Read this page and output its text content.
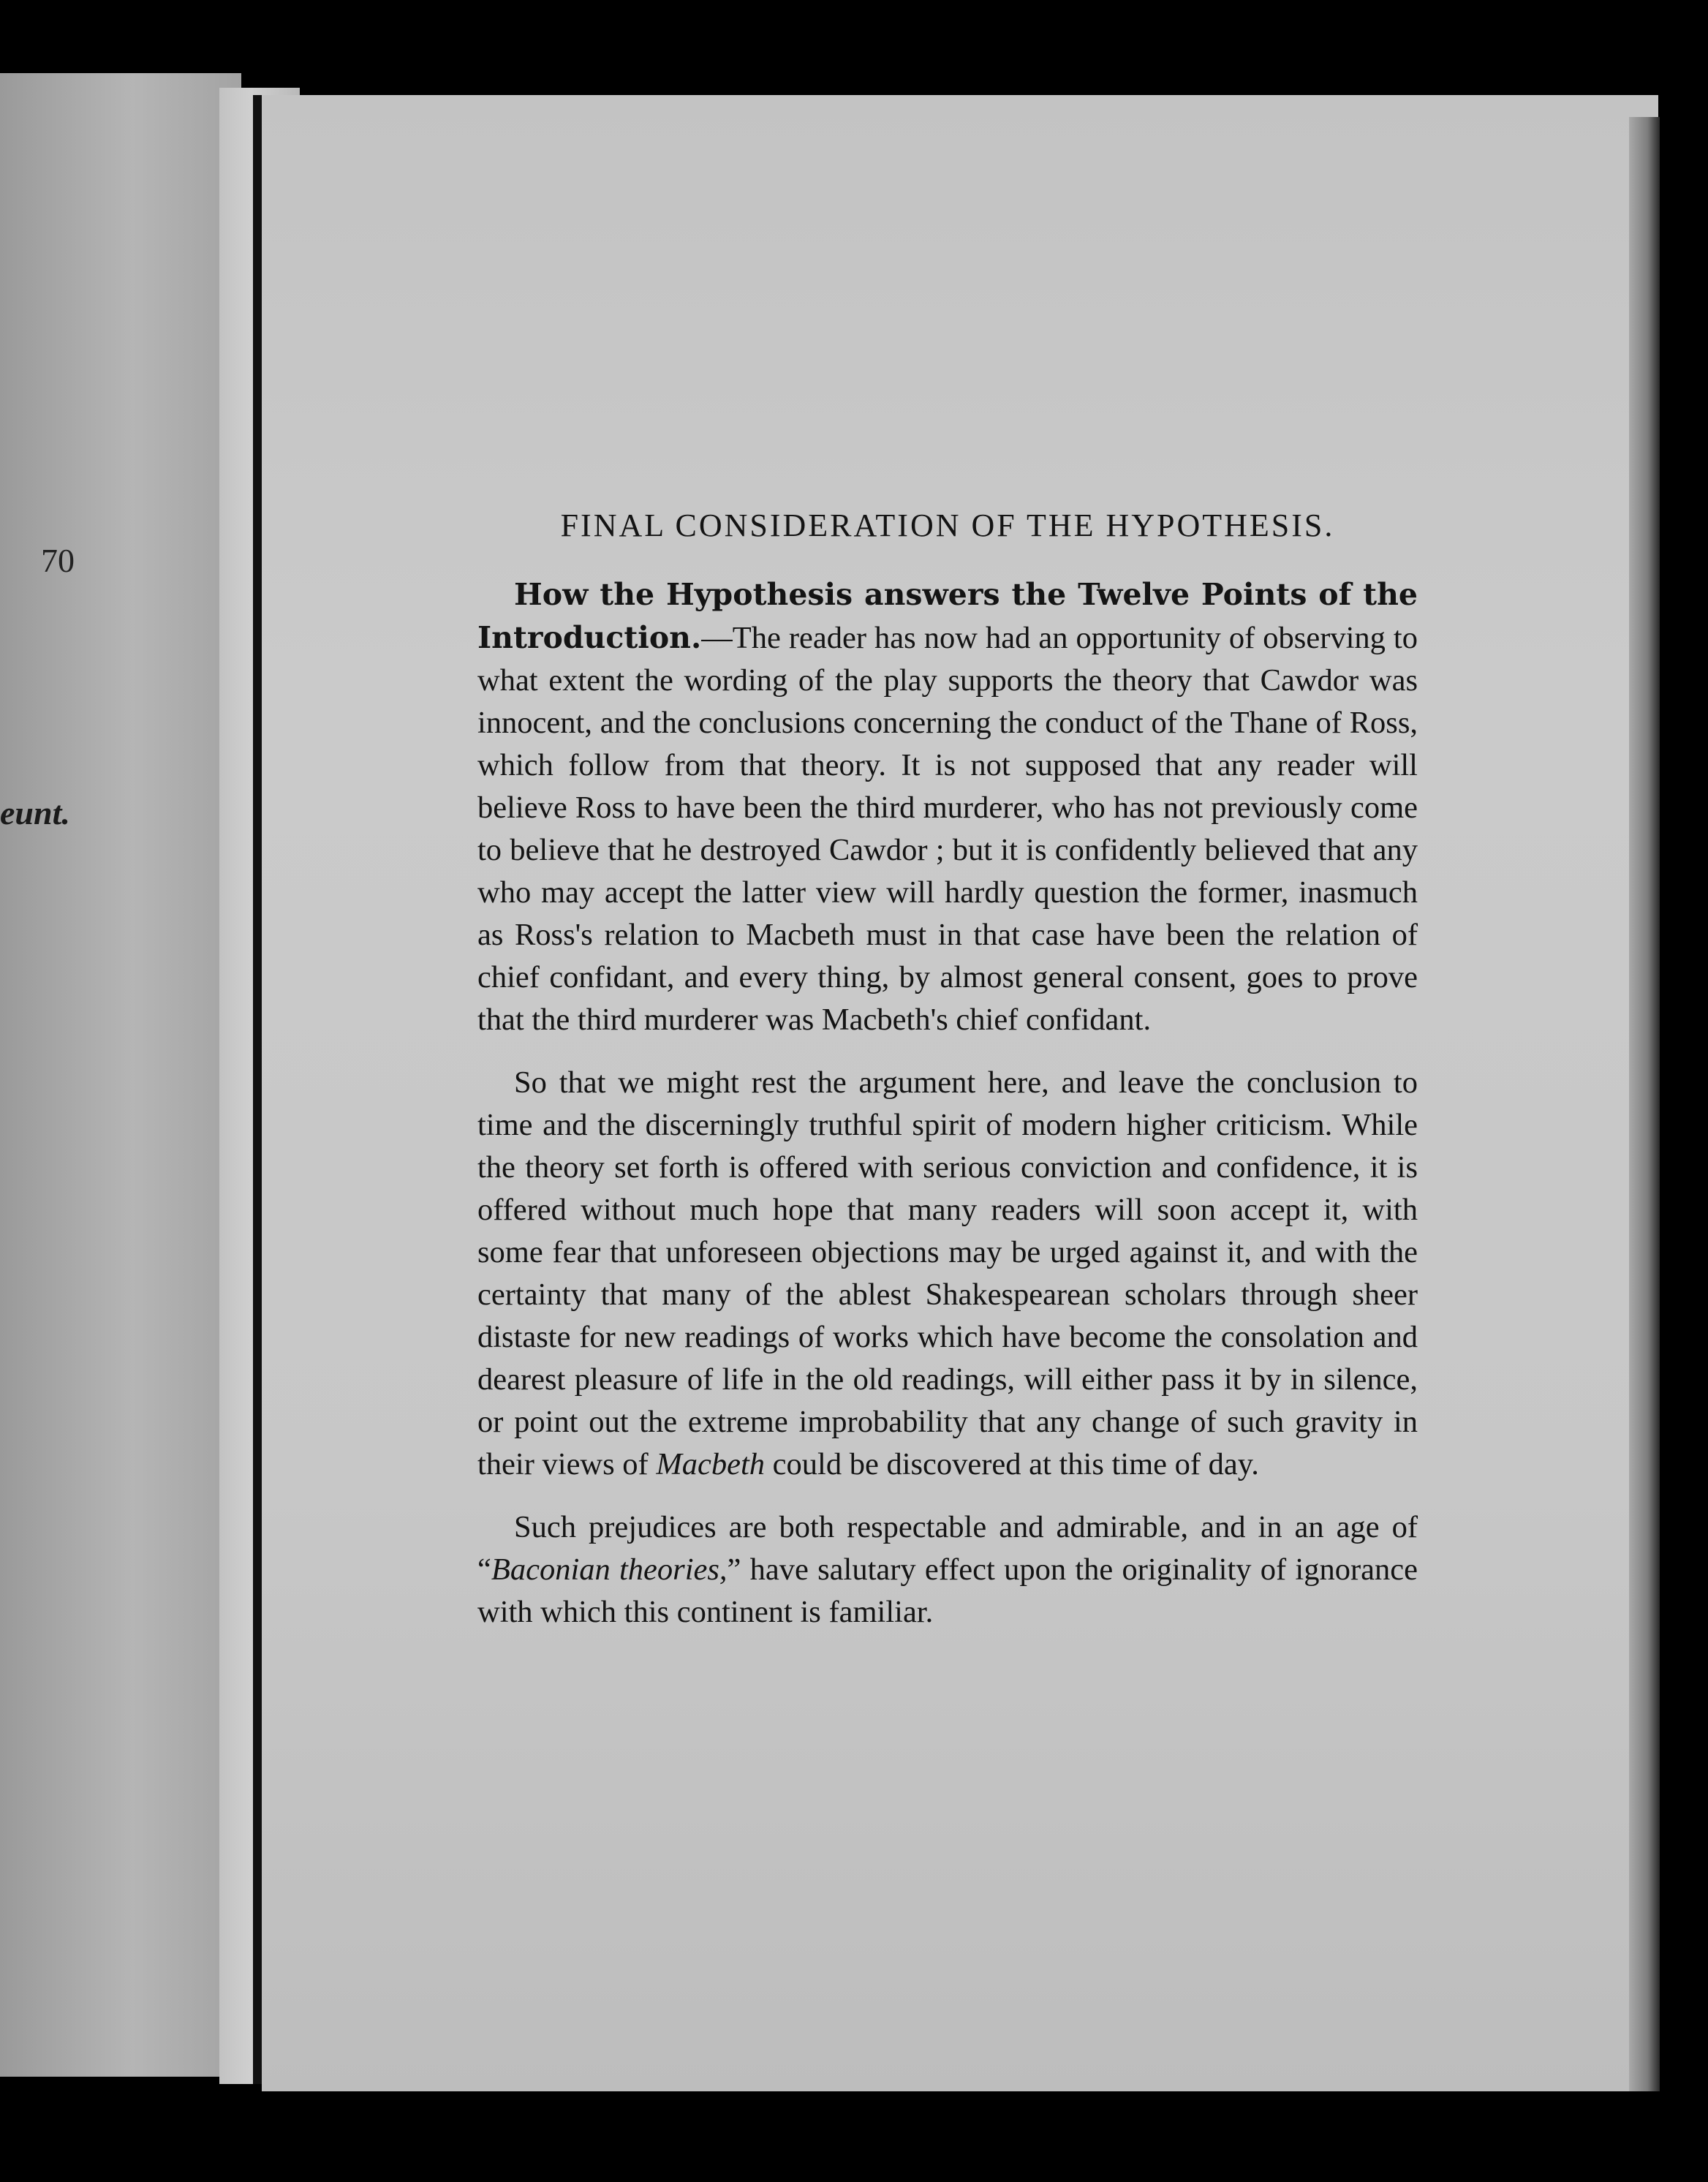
70
eunt.
FINAL CONSIDERATION OF THE HYPOTHESIS.

How the Hypothesis answers the Twelve Points of the Introduction.—The reader has now had an opportunity of observing to what extent the wording of the play supports the theory that Cawdor was innocent, and the conclusions concerning the conduct of the Thane of Ross, which follow from that theory. It is not supposed that any reader will believe Ross to have been the third murderer, who has not previously come to believe that he destroyed Cawdor ; but it is confidently believed that any who may accept the latter view will hardly question the former, inasmuch as Ross's relation to Macbeth must in that case have been the relation of chief confidant, and every thing, by almost general consent, goes to prove that the third murderer was Macbeth's chief confidant.

So that we might rest the argument here, and leave the conclusion to time and the discerningly truthful spirit of modern higher criticism. While the theory set forth is offered with serious conviction and confidence, it is offered without much hope that many readers will soon accept it, with some fear that unforeseen objections may be urged against it, and with the certainty that many of the ablest Shakespearean scholars through sheer distaste for new readings of works which have become the consolation and dearest pleasure of life in the old readings, will either pass it by in silence, or point out the extreme improbability that any change of such gravity in their views of Macbeth could be discovered at this time of day.

Such prejudices are both respectable and admirable, and in an age of “Baconian theories,” have salutary effect upon the originality of ignorance with which this continent is familiar.
